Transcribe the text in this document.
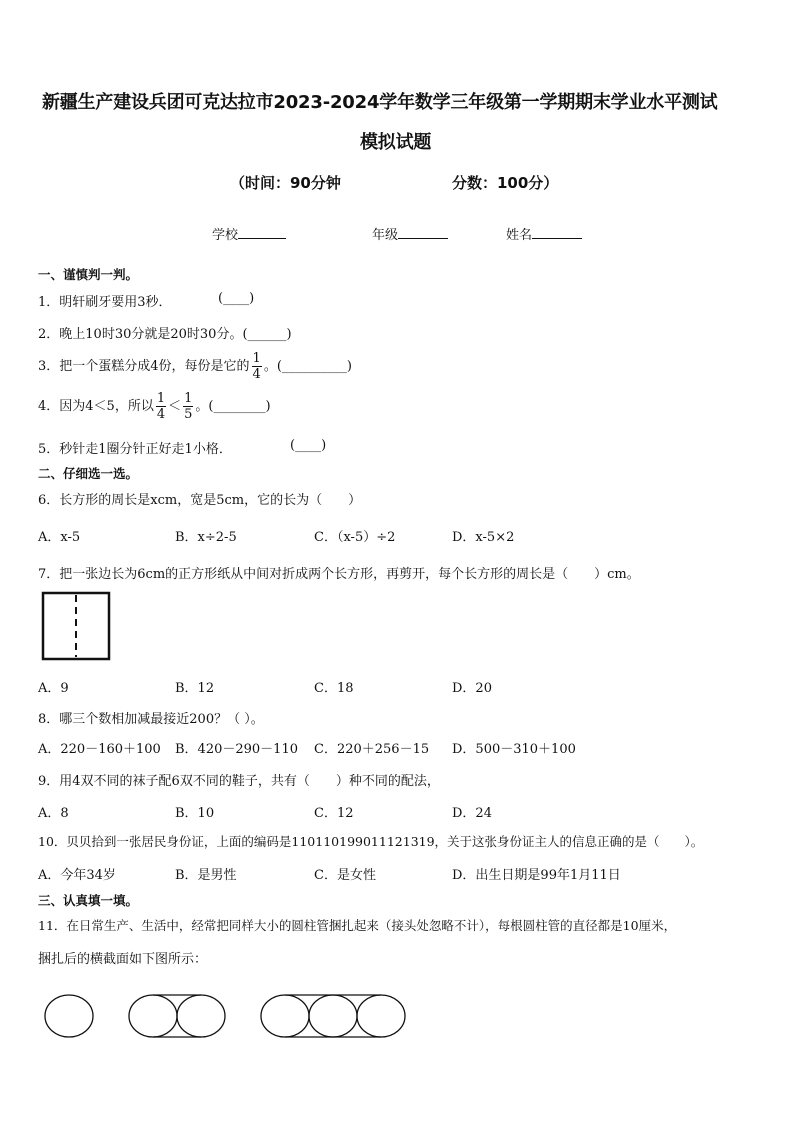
新疆生产建设兵团可克达拉市2023-2024学年数学三年级第一学期期末学业水平测试
模拟试题
（时间：90分钟	分数：100分）
学校	年级	姓名
一、谨慎判一判。
1．明轩刷牙要用3秒．	(____)
2．晚上10时30分就是20时30分。(______)
3．把一个蛋糕分成4份，每份是它的 $\frac{1}{4}$ 。(__________)
4．因为4＜5，所以 $\frac{1}{4} < \frac{1}{5}$ 。(________)
5．秒针走1圈分针正好走1小格．	(____)
二、仔细选一选。
6．长方形的周长是xcm，宽是5cm，它的长为（　　）
A．x-5	B．x÷2-5	C．（x-5）÷2	D．x-5×2
7．把一张边长为6cm的正方形纸从中间对折成两个长方形，再剪开，每个长方形的周长是（　　）cm。
A．9	B．12	C．18	D．20
8．哪三个数相加减最接近200？（ ）。
A．220－160＋100 B．420－290－110 C．220＋256－15 D．500－310＋100
9．用4双不同的袜子配6双不同的鞋子，共有（　　）种不同的配法，
A．8	B．10	C．12	D．24
10．贝贝拾到一张居民身份证，上面的编码是110110199011121319，关于这张身份证主人的信息正确的是（　　）。
A．今年34岁	B．是男性	C．是女性	D．出生日期是99年1月11日
三、认真填一填。
11．在日常生产、生活中，经常把同样大小的圆柱管捆扎起来（接头处忽略不计），每根圆柱管的直径都是10厘米，
捆扎后的横截面如下图所示：
